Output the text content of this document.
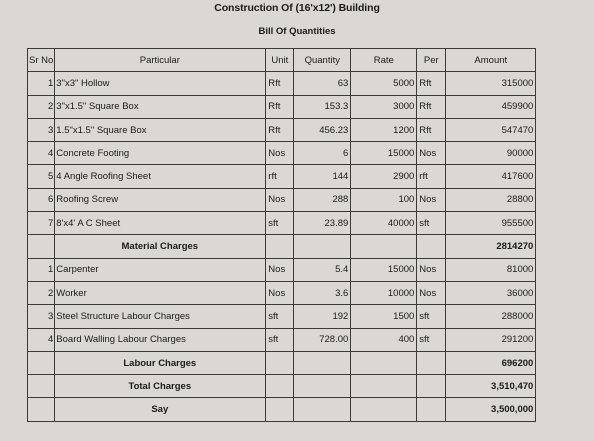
Construction Of (16'x12') Building
Bill Of Quantities
Sr No	Particular	Unit	Quantity	Rate	Per	Amount
1	3"x3" Hollow	Rft	63	5000	Rft	315000
2	3"x1.5" Square Box	Rft	153.3	3000	Rft	459900
3	1.5"x1.5" Square Box	Rft	456.23	1200	Rft	547470
4	Concrete Footing	Nos	6	15000	Nos	90000
5	4 Angle Roofing Sheet	rft	144	2900	rft	417600
6	Roofing Screw	Nos	288	100	Nos	28800
7	8'x4' A C Sheet	sft	23.89	40000	sft	955500
	Material Charges					2814270
1	Carpenter	Nos	5.4	15000	Nos	81000
2	Worker	Nos	3.6	10000	Nos	36000
3	Steel Structure Labour Charges	sft	192	1500	sft	288000
4	Board Walling Labour Charges	sft	728.00	400	sft	291200
	Labour Charges					696200
	Total Charges					3,510,470
	Say					3,500,000
